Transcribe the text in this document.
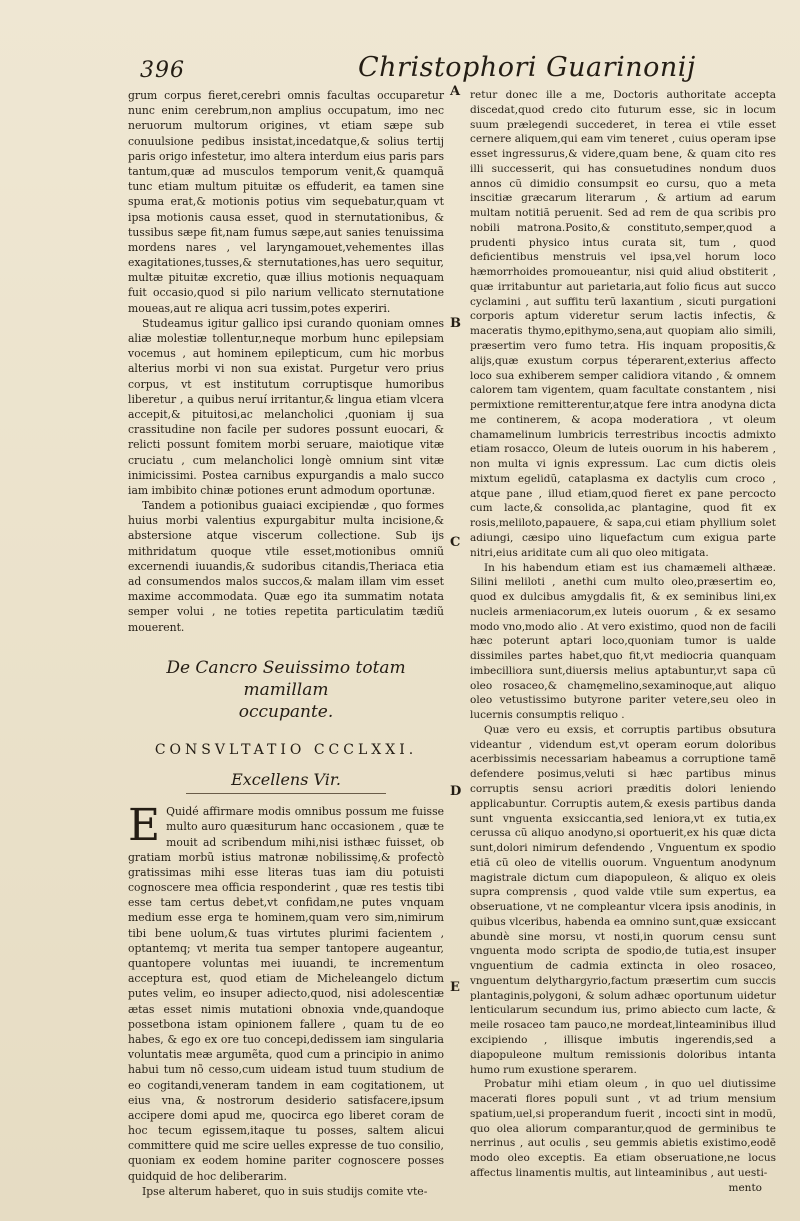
396	Christophori Guarinonij
A
B
C
D
E

grum corpus fieret,cerebri omnis facultas occuparetur nunc enim cerebrum,non amplius occupatum, imo nec neruorum multorum origines, vt etiam sæpe sub conuulsione pedibus insistat,incedatque,& solius tertij paris origo infestetur, imo altera interdum eius paris pars tantum,quæ ad musculos temporum venit,& quamquã tunc etiam multum pituitæ os effuderit, ea tamen sine spuma erat,& motionis potius vim sequebatur,quam vt ipsa motionis causa esset, quod in sternutationibus, & tussibus sæpe fit,nam fumus sæpe,aut sanies tenuissima mordens nares , vel laryngamouet,vehementes illas exagitationes,tusses,& sternutationes,has uero sequitur, multæ pituitæ excretio, quæ illius motionis nequaquam fuit occasio,quod si pilo narium vellicato sternutatione moueas,aut re aliqua acri tussim,potes experiri.

Studeamus igitur gallico ipsi curando quoniam omnes aliæ molestiæ tollentur,neque morbum hunc epilepsiam vocemus , aut hominem epilepticum, cum hic morbus alterius morbi vi non sua existat. Purgetur vero prius corpus, vt est institutum corruptisque humoribus liberetur , a quibus neruí irritantur,& lingua etiam vlcera accepit,& pituitosi,ac melancholici ,quoniam ij sua crassitudine non facile per sudores possunt euocari, & relicti possunt fomitem morbi seruare, maiotique vitæ cruciatu , cum melancholici longè omnium sint vitæ inimicissimi. Postea carnibus expurgandis a malo succo iam imbibito chinæ potiones erunt admodum oportunæ.

Tandem a potionibus guaiaci excipiendæ , quo formes huius morbi valentius expurgabitur multa incisione,& abstersione atque viscerum collectione. Sub ijs mithridatum quoque vtile esset,motionibus omniũ excernendi iuuandis,& sudoribus citandis,Theriaca etia ad consumendos malos succos,& malam illam vim esset maxime accommodata. Quæ ego ita summatim notata semper volui , ne toties repetita particulatim tædiũ mouerent.

De Cancro Seuissimo totam mamillam
occupante.
CONSVLTATIO CCCLXXI.
Excellens Vir.

E Quidé affirmare modis omnibus possum me fuisse multo auro quæsiturum hanc occasionem , quæ te mouit ad scribendum mihi,nisi isthæc fuisset, ob gratiam morbũ istius matronæ nobilissimę,& profectò gratissimas mihi esse literas tuas iam diu potuisti cognoscere mea officia responderint , quæ res testis tibi esse tam certus debet,vt confidam,ne putes vnquam medium esse erga te hominem,quam vero sim,nimirum tibi bene uolum,& tuas virtutes plurimi facientem , optantemq; vt merita tua semper tantopere augeantur, quantopere voluntas mei iuuandi, te incrementum acceptura est, quod etiam de Micheleangelo dictum putes velim, eo insuper adiecto,quod, nisi adolescentiæ ætas esset nimis mutationi obnoxia vnde,quandoque possetbona istam opinionem fallere , quam tu de eo habes, & ego ex ore tuo concepi,dedissem iam singularia voluntatis meæ argumẽta, quod cum a principio in animo habui tum nõ cesso,cum uideam istud tuum studium de eo cogitandi,veneram tandem in eam cogitationem, ut eius vna, & nostrorum desiderio satisfacere,ipsum accipere domi apud me, quocirca ego liberet coram de hoc tecum egissem,itaque tu posses, saltem alicui committere quid me scire uelles expresse de tuo consilio, quoniam ex eodem homine pariter cognoscere posses quidquid de hoc deliberarim.

Ipse alterum haberet, quo in suis studijs comite vte-

retur donec ille a me, Doctoris authoritate accepta discedat,quod credo cito futurum esse, sic in locum suum prælegendi succederet, in terea ei vtile esset cernere aliquem,qui eam vim teneret , cuius operam ipse esset ingressurus,& videre,quam bene, & quam cito res illi successerit, qui has consuetudines nondum duos annos cũ dimidio consumpsit eo cursu, quo a meta inscitiæ græcarum literarum , & artium ad earum multam notitiã peruenit. Sed ad rem de qua scribis pro nobili matrona.Posito,& constituto,semper,quod a prudenti physico intus curata sit, tum , quod deficientibus menstruis vel ipsa,vel horum loco hæmorrhoides promoueantur, nisi quid aliud obstiterit , quæ irritabuntur aut parietaria,aut folio ficus aut succo cyclamini , aut suffitu terũ laxantium , sicuti purgationi corporis aptum videretur serum lactis infectis, & maceratis thymo,epithymo,sena,aut quopiam alio simili, præsertim vero fumo tetra. His inquam propositis,& alijs,quæ exustum corpus téperarent,exterius affecto loco sua exhiberem semper calidiora vitando , & omnem calorem tam vigentem, quam facultate constantem , nisi permixtione remitterentur,atque fere intra anodyna dicta me continerem, & acopa moderatiora , vt oleum chamamelinum lumbricis terrestribus incoctis admixto etiam rosacco, Oleum de luteis ouorum in his haberem , non multa vi ignis expressum. Lac cum dictis oleis mixtum egelidũ, cataplasma ex dactylis cum croco , atque pane , illud etiam,quod fieret ex pane percocto cum lacte,& consolida,ac plantagine, quod fit ex rosis,meliloto,papauere, & sapa,cui etiam phyllium solet adiungi, cæsipo uino liquefactum cum exigua parte nitri,eius ariditate cum ali quo oleo mitigata.

In his habendum etiam est ius chamæmeli althææ. Silini meliloti , anethi cum multo oleo,præsertim eo, quod ex dulcibus amygdalis fit, & ex seminibus lini,ex nucleis armeniacorum,ex luteis ouorum , & ex sesamo modo vno,modo alio . At vero existimo, quod non de facili hæc poterunt aptari loco,quoniam tumor is ualde dissimiles partes habet,quo fit,vt mediocria quanquam imbecilliora sunt,diuersis melius aptabuntur,vt sapa cũ oleo rosaceo,& chamęmelino,sexaminoque,aut aliquo oleo vetustissimo butyrone pariter vetere,seu oleo in lucernis consumptis reliquo .

Quæ vero eu exsis, et corruptis partibus obsutura videantur , videndum est,vt operam eorum doloribus acerbissimis necessariam habeamus a corruptione tamẽ defendere posimus,veluti si hæc partibus minus corruptis sensu acriori præditis dolori leniendo applicabuntur. Corruptis autem,& exesis partibus danda sunt vnguenta exsiccantia,sed leniora,vt ex tutia,ex cerussa cũ aliquo anodyno,si oportuerit,ex his quæ dicta sunt,dolori nimirum defendendo , Vnguentum ex spodio etiã cũ oleo de vitellis ouorum. Vnguentum anodynum magistrale dictum cum diapopuleon, & aliquo ex oleis supra comprensis , quod valde vtile sum expertus, ea obseruatione, vt ne compleantur vlcera ipsis anodinis, in quibus vlceribus, habenda ea omnino sunt,quæ exsiccant abundè sine morsu, vt nosti,in quorum censu sunt vnguenta modo scripta de spodio,de tutia,est insuper vnguentium de cadmia extincta in oleo rosaceo, vnguentum delythargyrio,factum præsertim cum succis plantaginis,polygoni, & solum adhæc oportunum uidetur lenticularum secundum ius, primo abiecto cum lacte, & meile rosaceo tam pauco,ne mordeat,linteaminibus illud excipiendo , illisque imbutis ingerendis,sed a diapopuleone multum remissionis doloribus intanta humo rum exustione sperarem.

Probatur mihi etiam oleum , in quo uel diutissime macerati flores populi sunt , vt ad trium mensium spatium,uel,si properandum fuerit , incocti sint in modũ, quo olea aliorum comparantur,quod de germinibus te nerrinus , aut oculis , seu gemmis abietis existimo,eodē modo oleo exceptis. Ea etiam obseruatione,ne locus affectus linamentis multis, aut linteaminibus , aut uesti-

mento
